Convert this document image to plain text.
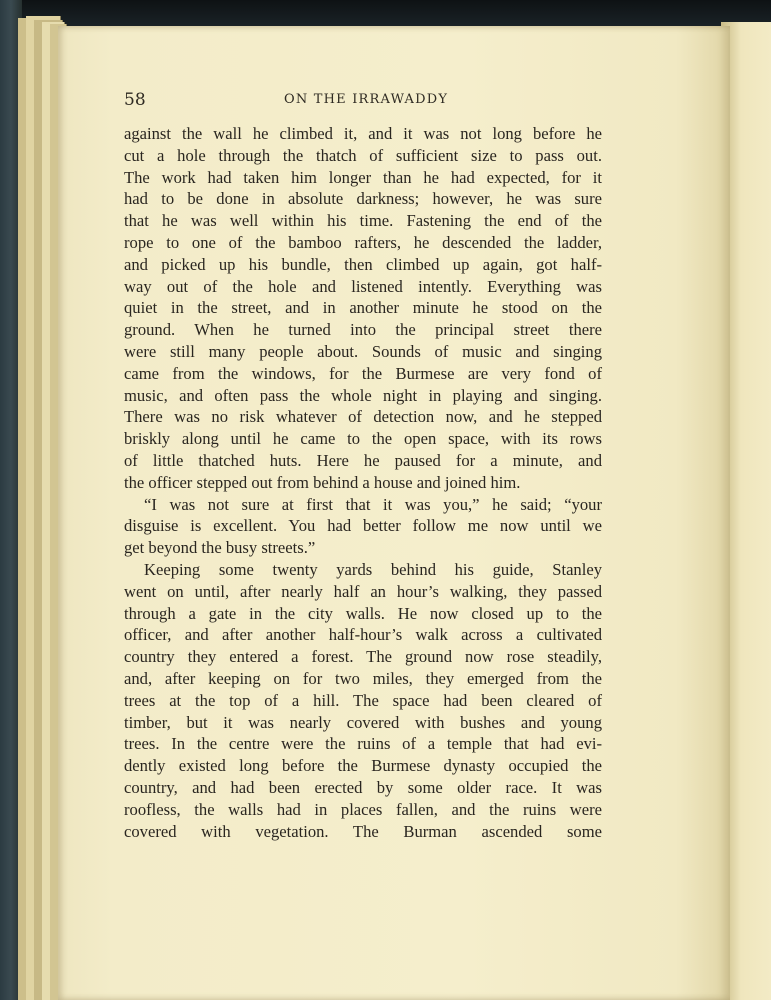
58	ON THE IRRAWADDY
against the wall he climbed it, and it was not long before he
cut a hole through the thatch of sufficient size to pass out.
The work had taken him longer than he had expected, for it
had to be done in absolute darkness; however, he was sure
that he was well within his time. Fastening the end of the
rope to one of the bamboo rafters, he descended the ladder,
and picked up his bundle, then climbed up again, got half-
way out of the hole and listened intently. Everything was
quiet in the street, and in another minute he stood on the
ground. When he turned into the principal street there
were still many people about. Sounds of music and singing
came from the windows, for the Burmese are very fond of
music, and often pass the whole night in playing and singing.
There was no risk whatever of detection now, and he stepped
briskly along until he came to the open space, with its rows
of little thatched huts. Here he paused for a minute, and
the officer stepped out from behind a house and joined him.
“I was not sure at first that it was you,” he said; “your
disguise is excellent. You had better follow me now until we
get beyond the busy streets.”
Keeping some twenty yards behind his guide, Stanley
went on until, after nearly half an hour’s walking, they passed
through a gate in the city walls. He now closed up to the
officer, and after another half-hour’s walk across a cultivated
country they entered a forest. The ground now rose steadily,
and, after keeping on for two miles, they emerged from the
trees at the top of a hill. The space had been cleared of
timber, but it was nearly covered with bushes and young
trees. In the centre were the ruins of a temple that had evi-
dently existed long before the Burmese dynasty occupied the
country, and had been erected by some older race. It was
roofless, the walls had in places fallen, and the ruins were
covered with vegetation. The Burman ascended some
